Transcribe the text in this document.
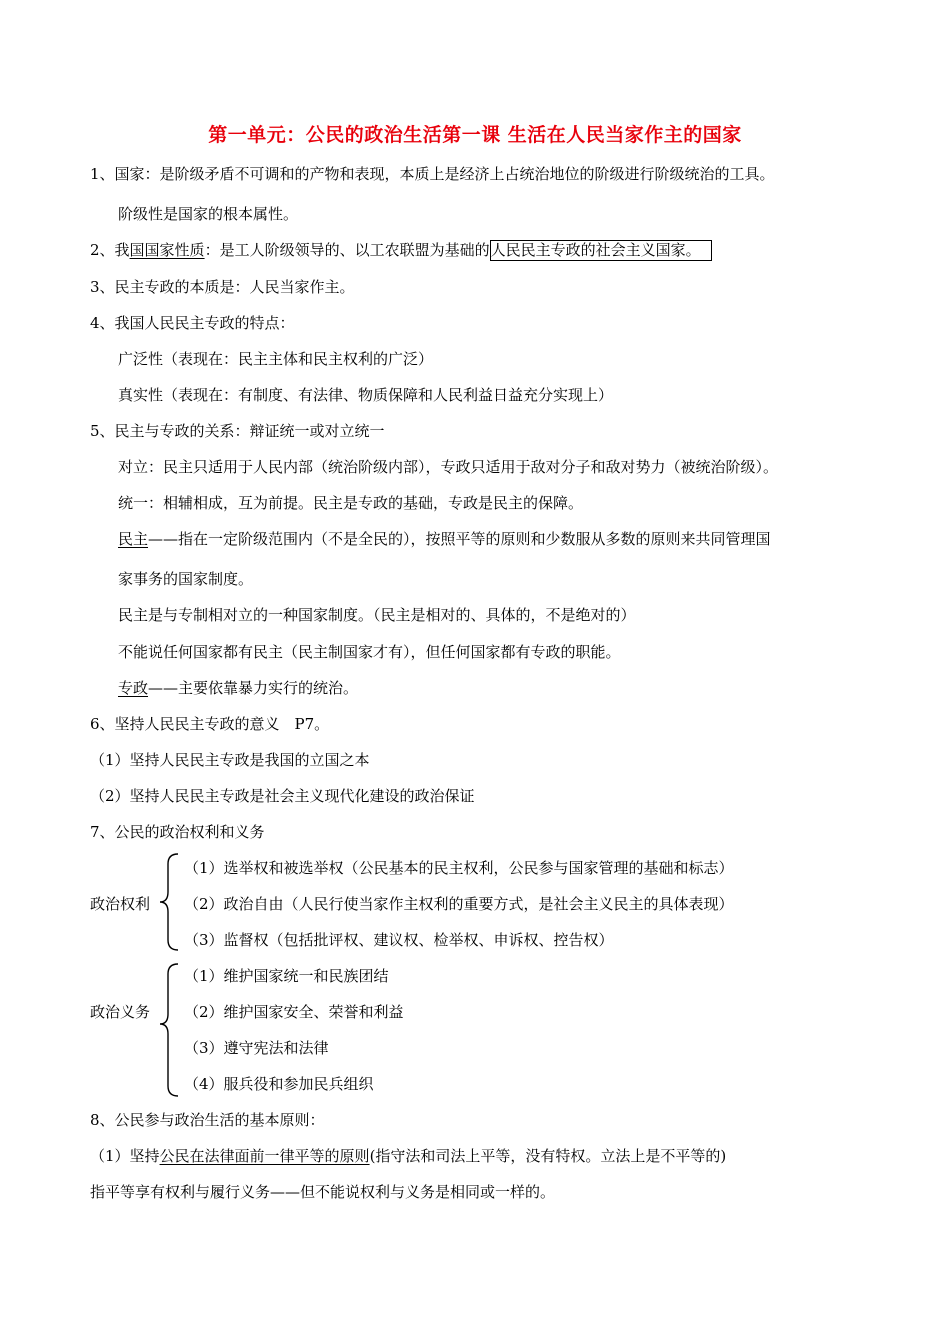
第一单元：公民的政治生活第一课 生活在人民当家作主的国家
1、国家：是阶级矛盾不可调和的产物和表现，本质上是经济上占统治地位的阶级进行阶级统治的工具。
阶级性是国家的根本属性。
2、我国国家性质：是工人阶级领导的、以工农联盟为基础的人民民主专政的社会主义国家。
3、民主专政的本质是：人民当家作主。
4、我国人民民主专政的特点：
广泛性（表现在：民主主体和民主权利的广泛）
真实性（表现在：有制度、有法律、物质保障和人民利益日益充分实现上）
5、民主与专政的关系：辩证统一或对立统一
对立：民主只适用于人民内部（统治阶级内部），专政只适用于敌对分子和敌对势力（被统治阶级）。
统一：相辅相成，互为前提。民主是专政的基础，专政是民主的保障。
民主——指在一定阶级范围内（不是全民的），按照平等的原则和少数服从多数的原则来共同管理国
家事务的国家制度。
民主是与专制相对立的一种国家制度。（民主是相对的、具体的，不是绝对的）
不能说任何国家都有民主（民主制国家才有），但任何国家都有专政的职能。
专政——主要依靠暴力实行的统治。
6、坚持人民民主专政的意义　P7。
（1）坚持人民民主专政是我国的立国之本
（2）坚持人民民主专政是社会主义现代化建设的政治保证
7、公民的政治权利和义务
政治权利
（1）选举权和被选举权（公民基本的民主权利，公民参与国家管理的基础和标志）
（2）政治自由（人民行使当家作主权利的重要方式，是社会主义民主的具体表现）
（3）监督权（包括批评权、建议权、检举权、申诉权、控告权）
政治义务
（1）维护国家统一和民族团结
（2）维护国家安全、荣誉和利益
（3）遵守宪法和法律
（4）服兵役和参加民兵组织
8、公民参与政治生活的基本原则：
（1）坚持公民在法律面前一律平等的原则(指守法和司法上平等，没有特权。立法上是不平等的)
指平等享有权利与履行义务——但不能说权利与义务是相同或一样的。
